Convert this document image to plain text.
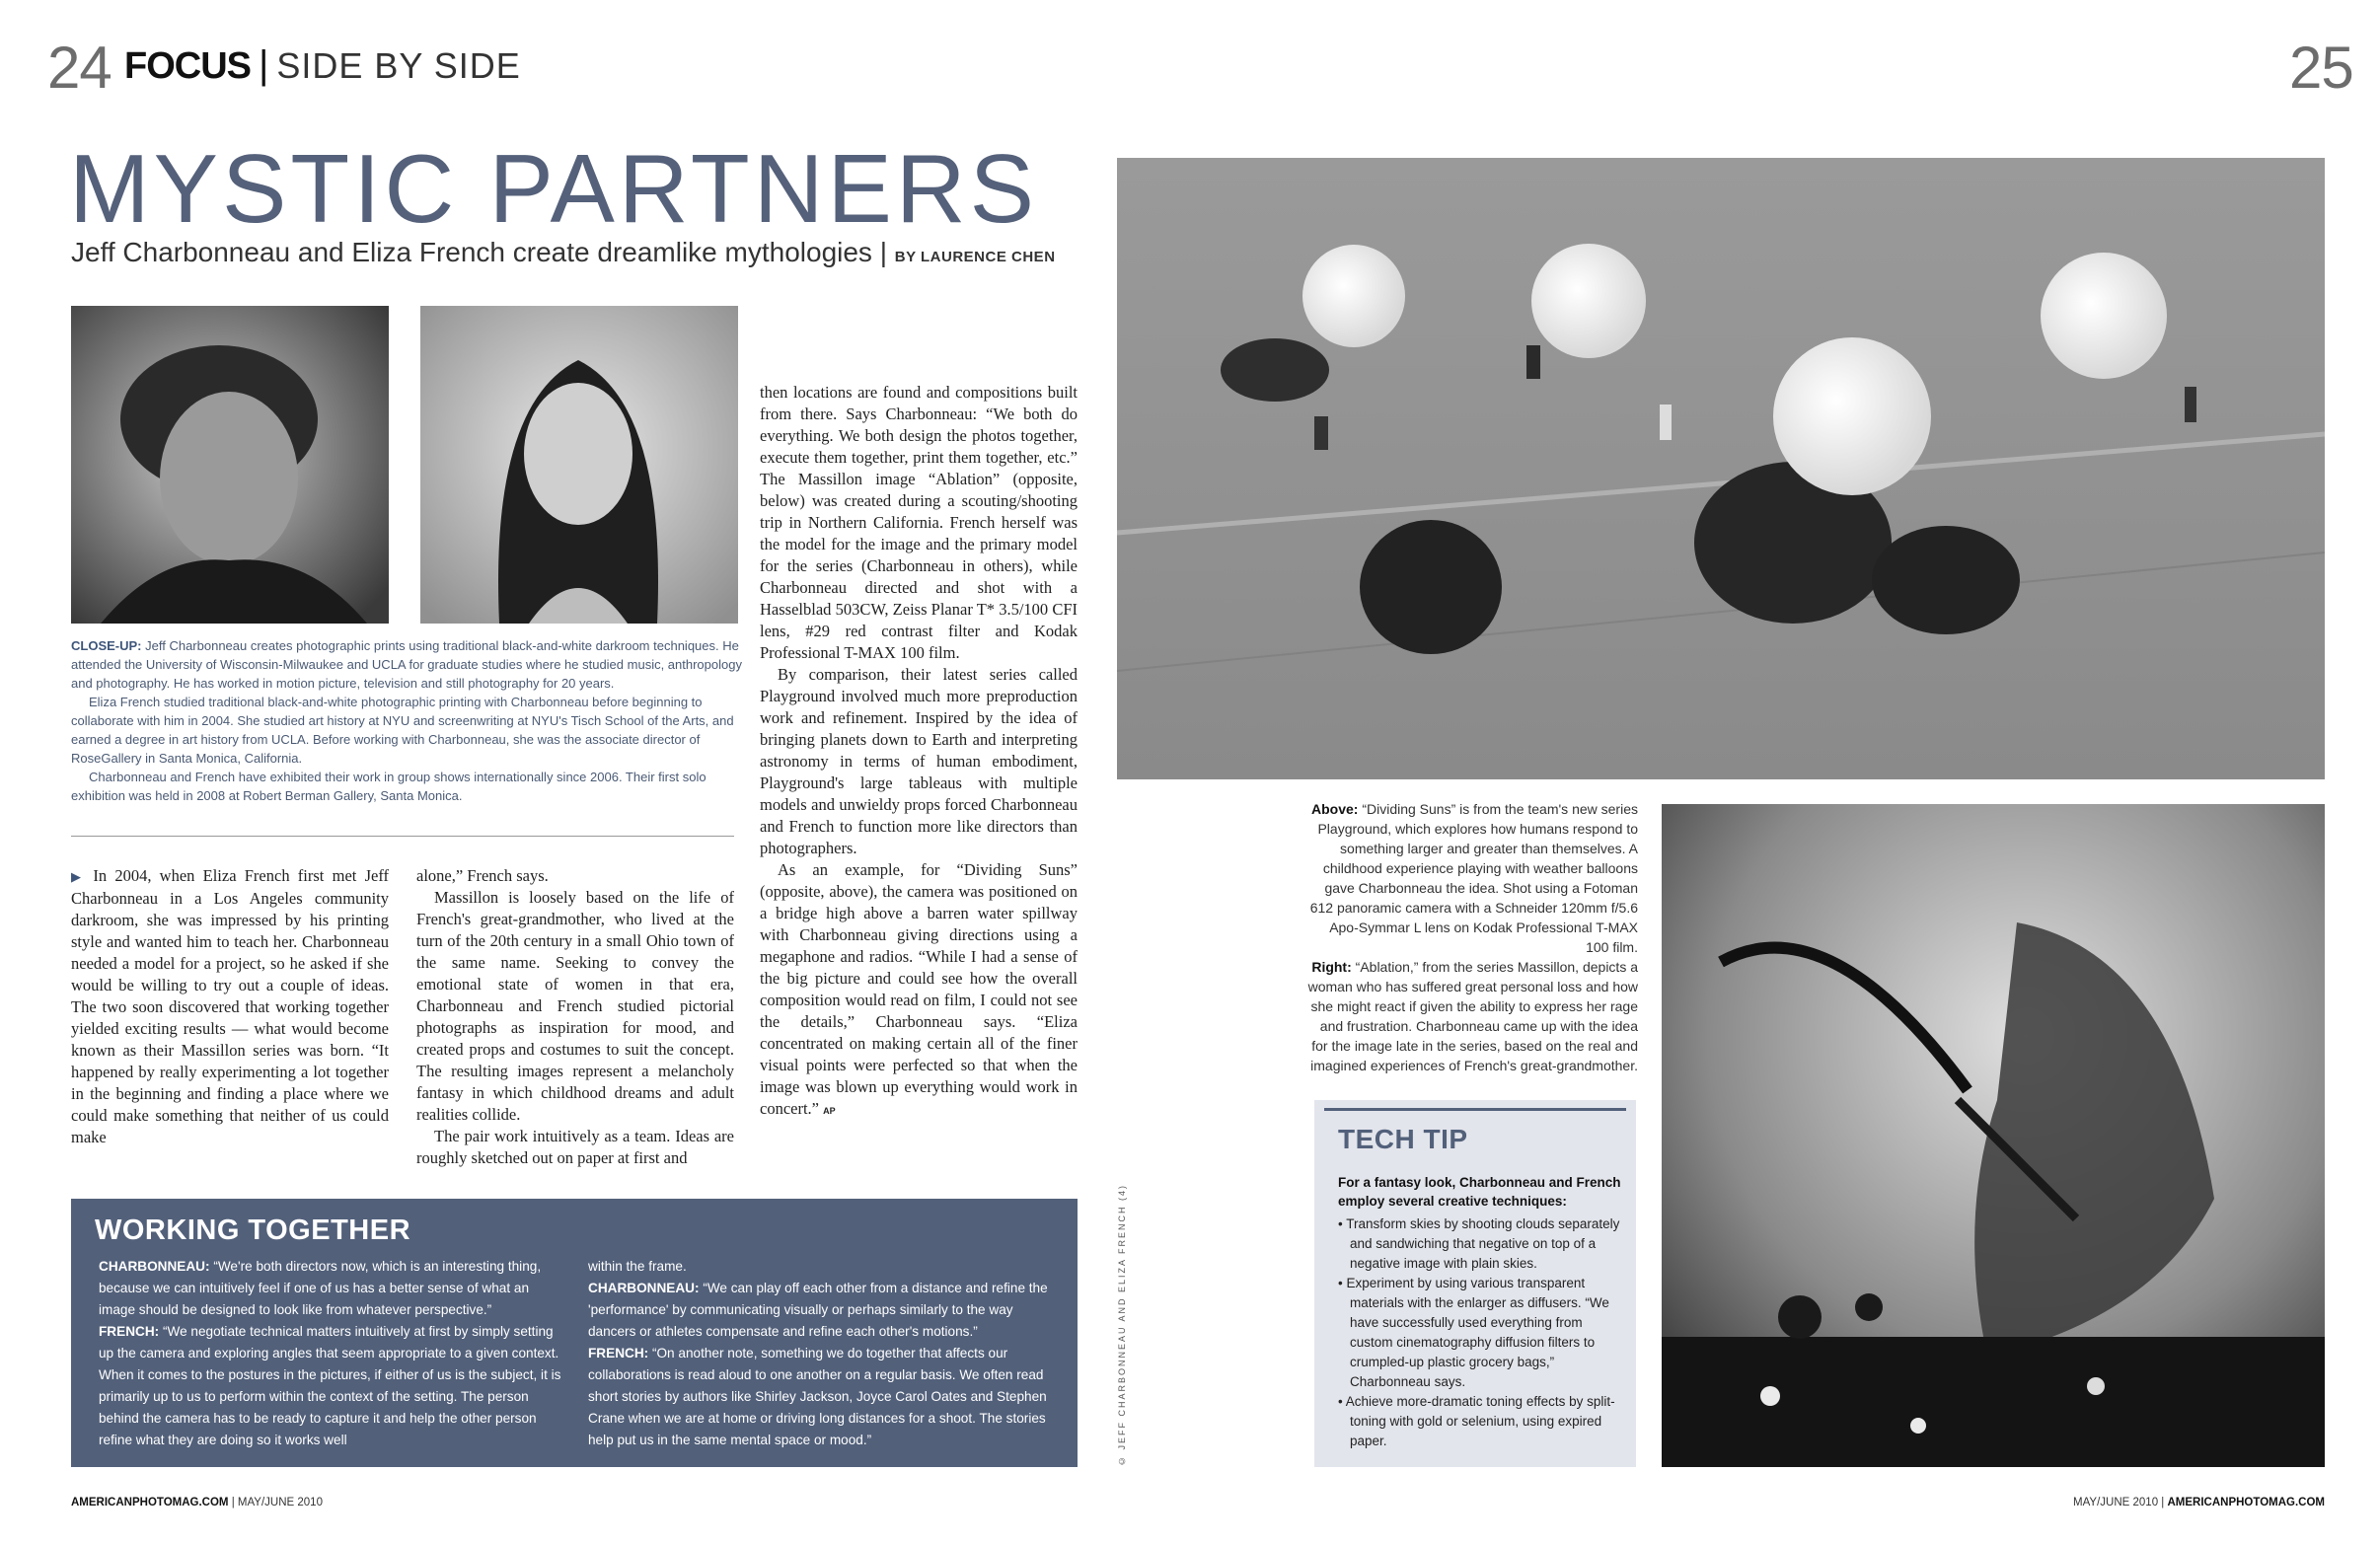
24 FOCUS | SIDE BY SIDE	25
MYSTIC PARTNERS
Jeff Charbonneau and Eliza French create dreamlike mythologies | BY LAURENCE CHEN

CLOSE-UP: Jeff Charbonneau creates photographic prints using traditional black-and-white darkroom techniques. He attended the University of Wisconsin-Milwaukee and UCLA for graduate studies where he studied music, anthropology and photography. He has worked in motion picture, television and still photography for 20 years.

Eliza French studied traditional black-and-white photographic printing with Charbonneau before beginning to collaborate with him in 2004. She studied art history at NYU and screenwriting at NYU's Tisch School of the Arts, and earned a degree in art history from UCLA. Before working with Charbonneau, she was the associate director of RoseGallery in Santa Monica, California.

Charbonneau and French have exhibited their work in group shows internationally since 2006. Their first solo exhibition was held in 2008 at Robert Berman Gallery, Santa Monica.

▶ In 2004, when Eliza French first met Jeff Charbonneau in a Los Angeles community darkroom, she was impressed by his printing style and wanted him to teach her. Charbonneau needed a model for a project, so he asked if she would be willing to try out a couple of ideas. The two soon discovered that working together yielded exciting results — what would become known as their Massillon series was born. “It happened by really experimenting a lot together in the beginning and finding a place where we could make something that neither of us could make

alone,” French says.

Massillon is loosely based on the life of French's great-grandmother, who lived at the turn of the 20th century in a small Ohio town of the same name. Seeking to convey the emotional state of women in that era, Charbonneau and French studied pictorial photographs as inspiration for mood, and created props and costumes to suit the concept. The resulting images represent a melancholy fantasy in which childhood dreams and adult realities collide.

The pair work intuitively as a team. Ideas are roughly sketched out on paper at first and

then locations are found and compositions built from there. Says Charbonneau: “We both do everything. We both design the photos together, execute them together, print them together, etc.” The Massillon image “Ablation” (opposite, below) was created during a scouting/shooting trip in Northern California. French herself was the model for the image and the primary model for the series (Charbonneau in others), while Charbonneau directed and shot with a Hasselblad 503CW, Zeiss Planar T* 3.5/100 CFI lens, #29 red contrast filter and Kodak Professional T-MAX 100 film.

By comparison, their latest series called Playground involved much more preproduction work and refinement. Inspired by the idea of bringing planets down to Earth and interpreting astronomy in terms of human embodiment, Playground's large tableaus with multiple models and unwieldy props forced Charbonneau and French to function more like directors than photographers.

As an example, for “Dividing Suns” (opposite, above), the camera was positioned on a bridge high above a barren water spillway with Charbonneau giving directions using a megaphone and radios. “While I had a sense of the big picture and could see how the overall composition would read on film, I could not see the details,” Charbonneau says. “Eliza concentrated on making certain all of the finer visual points were perfected so that when the image was blown up everything would work in concert.” AP

WORKING TOGETHER

CHARBONNEAU: “We're both directors now, which is an interesting thing, because we can intuitively feel if one of us has a better sense of what an image should be designed to look like from whatever perspective.”

FRENCH: “We negotiate technical matters intuitively at first by simply setting up the camera and exploring angles that seem appropriate to a given context. When it comes to the postures in the pictures, if either of us is the subject, it is primarily up to us to perform within the context of the setting. The person behind the camera has to be ready to capture it and help the other person refine what they are doing so it works well

within the frame.

CHARBONNEAU: “We can play off each other from a distance and refine the 'performance' by communicating visually or perhaps similarly to the way dancers or athletes compensate and refine each other's motions.”

FRENCH: “On another note, something we do together that affects our collaborations is read aloud to one another on a regular basis. We often read short stories by authors like Shirley Jackson, Joyce Carol Oates and Stephen Crane when we are at home or driving long distances for a shoot. The stories help put us in the same mental space or mood.”	© JEFF CHARBONNEAU AND ELIZA FRENCH (4)

Above: “Dividing Suns” is from the team's new series Playground, which explores how humans respond to something larger and greater than themselves. A childhood experience playing with weather balloons gave Charbonneau the idea. Shot using a Fotoman 612 panoramic camera with a Schneider 120mm f/5.6 Apo-Symmar L lens on Kodak Professional T-MAX 100 film.

Right: “Ablation,” from the series Massillon, depicts a woman who has suffered great personal loss and how she might react if given the ability to express her rage and frustration. Charbonneau came up with the idea for the image late in the series, based on the real and imagined experiences of French's great-grandmother.

TECH TIP
For a fantasy look, Charbonneau and French employ several creative techniques:
• Transform skies by shooting clouds separately and sandwiching that negative on top of a negative image with plain skies.
• Experiment by using various transparent materials with the enlarger as diffusers. “We have successfully used everything from custom cinematography diffusion filters to crumpled-up plastic grocery bags,” Charbonneau says.
• Achieve more-dramatic toning effects by split-toning with gold or selenium, using expired paper.
AMERICANPHOTOMAG.COM | MAY/JUNE 2010	MAY/JUNE 2010 | AMERICANPHOTOMAG.COM
